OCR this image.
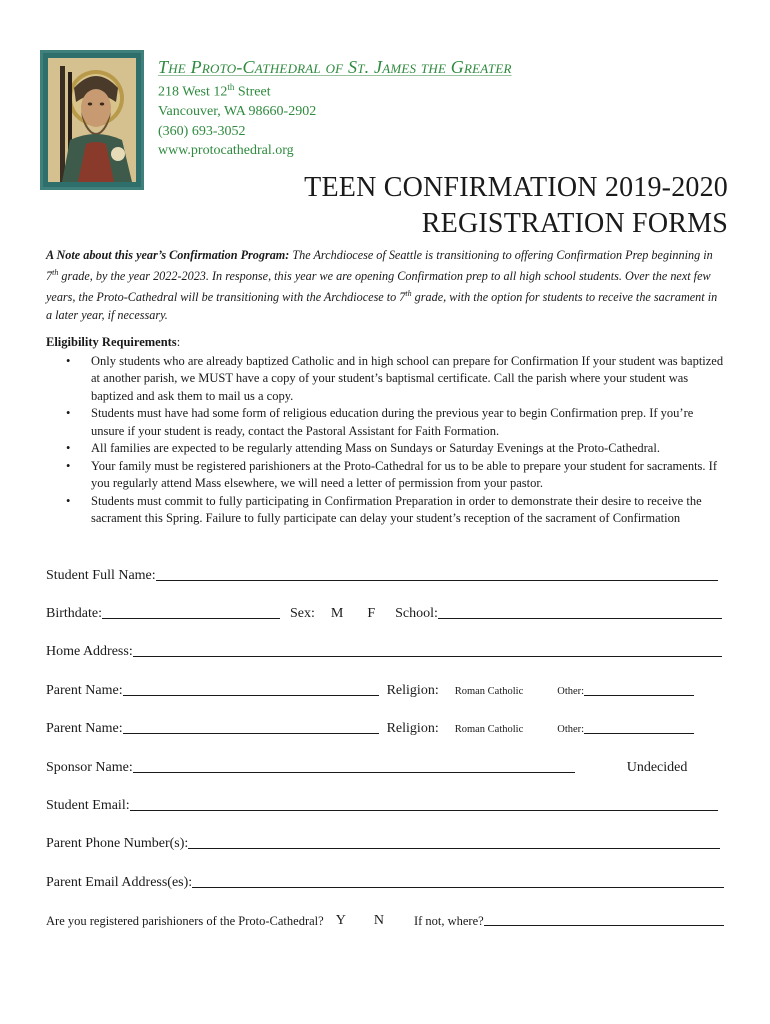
The Proto-Cathedral of St. James the Greater
218 West 12th Street
Vancouver, WA 98660-2902
(360) 693-3052
www.protocathedral.org
TEEN CONFIRMATION 2019-2020
REGISTRATION FORMS
A Note about this year’s Confirmation Program: The Archdiocese of Seattle is transitioning to offering Confirmation Prep beginning in 7th grade, by the year 2022-2023. In response, this year we are opening Confirmation prep to all high school students. Over the next few years, the Proto-Cathedral will be transitioning with the Archdiocese to 7th grade, with the option for students to receive the sacrament in a later year, if necessary.
Eligibility Requirements:
• Only students who are already baptized Catholic and in high school can prepare for Confirmation If your student was baptized at another parish, we MUST have a copy of your student’s baptismal certificate. Call the parish where your student was baptized and ask them to mail us a copy.
• Students must have had some form of religious education during the previous year to begin Confirmation prep. If you’re unsure if your student is ready, contact the Pastoral Assistant for Faith Formation.
• All families are expected to be regularly attending Mass on Sundays or Saturday Evenings at the Proto-Cathedral.
• Your family must be registered parishioners at the Proto-Cathedral for us to be able to prepare your student for sacraments. If you regularly attend Mass elsewhere, we will need a letter of permission from your pastor.
• Students must commit to fully participating in Confirmation Preparation in order to demonstrate their desire to receive the sacrament this Spring. Failure to fully participate can delay your student’s reception of the sacrament of Confirmation
Student Full Name:
Birthdate:	Sex: M F School:
Home Address:
Parent Name:	Religion: Roman Catholic	Other:
Parent Name:	Religion: Roman Catholic	Other:
Sponsor Name:	Undecided
Student Email:
Parent Phone Number(s):
Parent Email Address(es):
Are you registered parishioners of the Proto-Cathedral? Y N If not, where?
